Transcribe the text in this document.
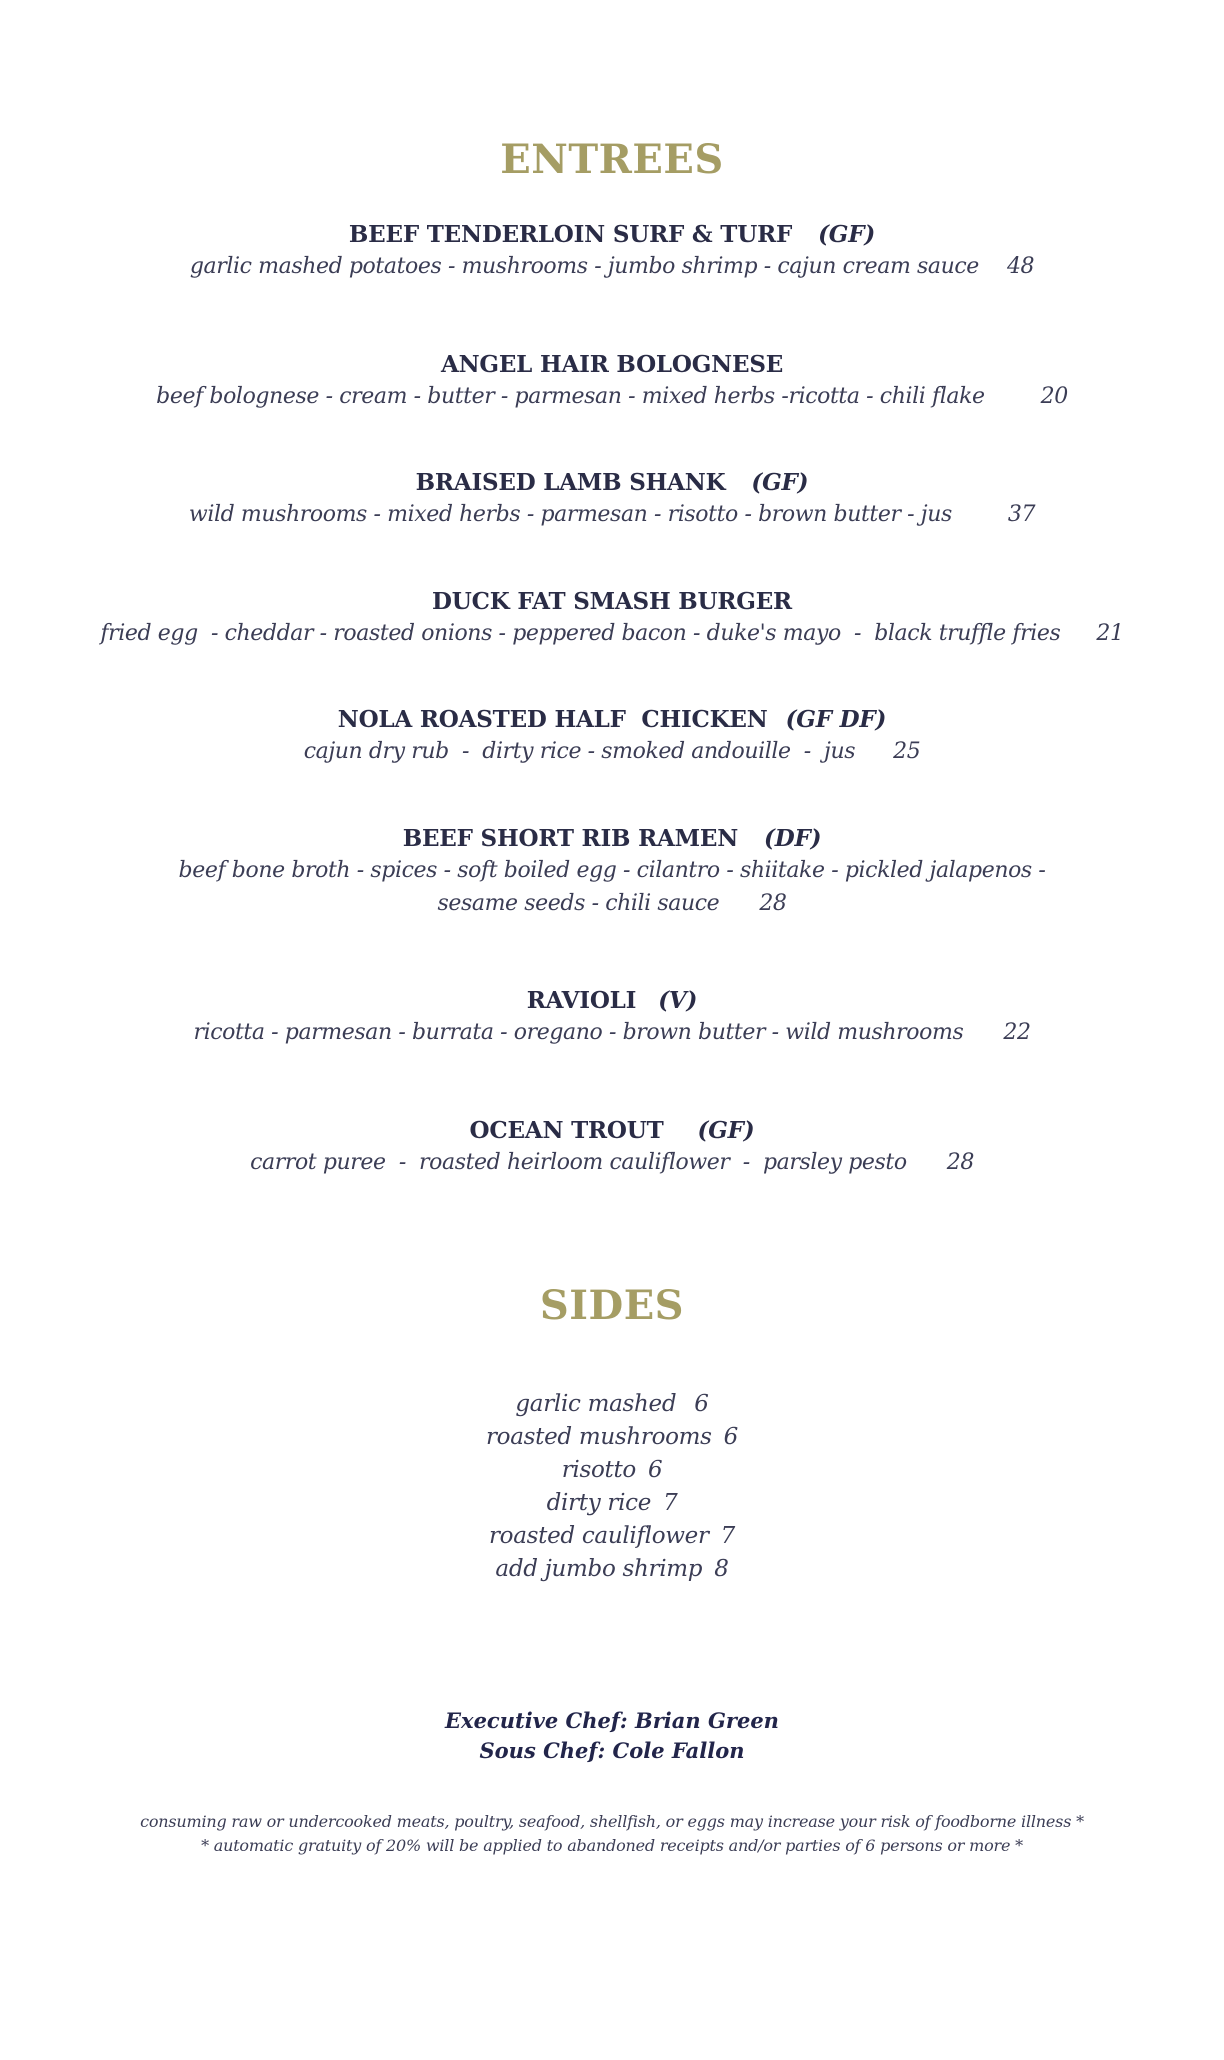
ENTREES
BEEF TENDERLOIN SURF & TURF (GF)
garlic mashed potatoes - mushrooms - jumbo shrimp - cajun cream sauce 48
ANGEL HAIR BOLOGNESE
beef bolognese - cream - butter - parmesan - mixed herbs -ricotta - chili flake	20
BRAISED LAMB SHANK (GF)
wild mushrooms - mixed herbs - parmesan - risotto - brown butter - jus	37
DUCK FAT SMASH BURGER
fried egg  - cheddar - roasted onions - peppered bacon - duke's mayo  -  black truffle fries 21
NOLA ROASTED HALF  CHICKEN (GF DF)
cajun dry rub  -  dirty rice - smoked andouille  -  jus 25
BEEF SHORT RIB RAMEN (DF)
beef bone broth - spices - soft boiled egg - cilantro - shiitake - pickled jalapenos -
sesame seeds - chili sauce 28
RAVIOLI (V)
ricotta - parmesan - burrata - oregano - brown butter - wild mushrooms 22
OCEAN TROUT (GF)
carrot puree  -  roasted heirloom cauliflower  -  parsley pesto 28
SIDES
garlic mashed 6
roasted mushrooms 6
risotto 6
dirty rice 7
roasted cauliflower 7
add jumbo shrimp 8
Executive Chef: Brian Green
Sous Chef: Cole Fallon
consuming raw or undercooked meats, poultry, seafood, shellfish, or eggs may increase your risk of foodborne illness *
* automatic gratuity of 20% will be applied to abandoned receipts and/or parties of 6 persons or more *
